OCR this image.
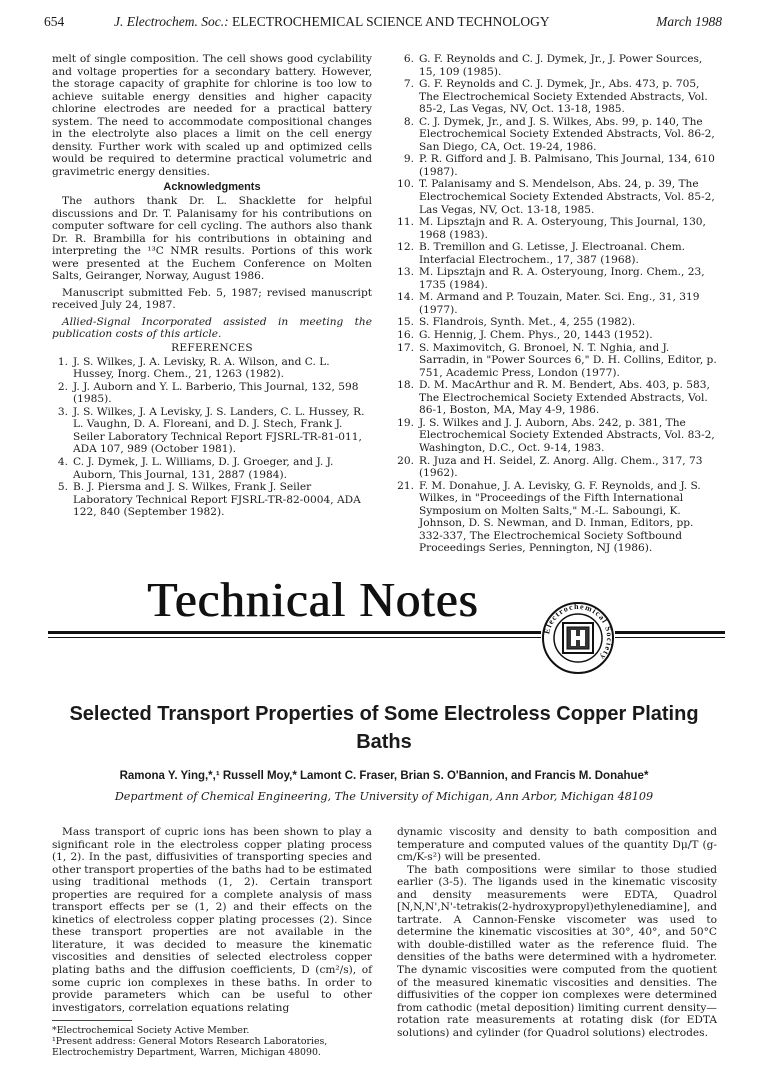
654	J. Electrochem. Soc.: ELECTROCHEMICAL SCIENCE AND TECHNOLOGY	March 1988

melt of single composition. The cell shows good cyclability and voltage properties for a secondary battery. However, the storage capacity of graphite for chlorine is too low to achieve suitable energy densities and higher capacity chlorine electrodes are needed for a practical battery system. The need to accommodate compositional changes in the electrolyte also places a limit on the cell energy density. Further work with scaled up and optimized cells would be required to determine practical volumetric and gravimetric energy densities.

Acknowledgments

The authors thank Dr. L. Shacklette for helpful discussions and Dr. T. Palanisamy for his contributions on computer software for cell cycling. The authors also thank Dr. R. Brambilla for his contributions in obtaining and interpreting the ¹³C NMR results. Portions of this work were presented at the Euchem Conference on Molten Salts, Geiranger, Norway, August 1986.

Manuscript submitted Feb. 5, 1987; revised manuscript received July 24, 1987.

Allied-Signal Incorporated assisted in meeting the publication costs of this article.

REFERENCES
1. J. S. Wilkes, J. A. Levisky, R. A. Wilson, and C. L. Hussey, Inorg. Chem., 21, 1263 (1982).
2. J. J. Auborn and Y. L. Barberio, This Journal, 132, 598 (1985).
3. J. S. Wilkes, J. A Levisky, J. S. Landers, C. L. Hussey, R. L. Vaughn, D. A. Floreani, and D. J. Stech, Frank J. Seiler Laboratory Technical Report FJSRL-TR-81-011, ADA 107, 989 (October 1981).
4. C. J. Dymek, J. L. Williams, D. J. Groeger, and J. J. Auborn, This Journal, 131, 2887 (1984).
5. B. J. Piersma and J. S. Wilkes, Frank J. Seiler Laboratory Technical Report FJSRL-TR-82-0004, ADA 122, 840 (September 1982).
6. G. F. Reynolds and C. J. Dymek, Jr., J. Power Sources, 15, 109 (1985).
7. G. F. Reynolds and C. J. Dymek, Jr., Abs. 473, p. 705, The Electrochemical Society Extended Abstracts, Vol. 85-2, Las Vegas, NV, Oct. 13-18, 1985.
8. C. J. Dymek, Jr., and J. S. Wilkes, Abs. 99, p. 140, The Electrochemical Society Extended Abstracts, Vol. 86-2, San Diego, CA, Oct. 19-24, 1986.
9. P. R. Gifford and J. B. Palmisano, This Journal, 134, 610 (1987).
10. T. Palanisamy and S. Mendelson, Abs. 24, p. 39, The Electrochemical Society Extended Abstracts, Vol. 85-2, Las Vegas, NV, Oct. 13-18, 1985.
11. M. Lipsztajn and R. A. Osteryoung, This Journal, 130, 1968 (1983).
12. B. Tremillon and G. Letisse, J. Electroanal. Chem. Interfacial Electrochem., 17, 387 (1968).
13. M. Lipsztajn and R. A. Osteryoung, Inorg. Chem., 23, 1735 (1984).
14. M. Armand and P. Touzain, Mater. Sci. Eng., 31, 319 (1977).
15. S. Flandrois, Synth. Met., 4, 255 (1982).
16. G. Hennig, J. Chem. Phys., 20, 1443 (1952).
17. S. Maximovitch, G. Bronoel, N. T. Nghia, and J. Sarradin, in "Power Sources 6," D. H. Collins, Editor, p. 751, Academic Press, London (1977).
18. D. M. MacArthur and R. M. Bendert, Abs. 403, p. 583, The Electrochemical Society Extended Abstracts, Vol. 86-1, Boston, MA, May 4-9, 1986.
19. J. S. Wilkes and J. J. Auborn, Abs. 242, p. 381, The Electrochemical Society Extended Abstracts, Vol. 83-2, Washington, D.C., Oct. 9-14, 1983.
20. R. Juza and H. Seidel, Z. Anorg. Allg. Chem., 317, 73 (1962).
21. F. M. Donahue, J. A. Levisky, G. F. Reynolds, and J. S. Wilkes, in "Proceedings of the Fifth International Symposium on Molten Salts," M.-L. Saboungi, K. Johnson, D. S. Newman, and D. Inman, Editors, pp. 332-337, The Electrochemical Society Softbound Proceedings Series, Pennington, NJ (1986).
Technical Notes
Electrochemical Society
Selected Transport Properties of Some Electroless Copper Plating Baths
Ramona Y. Ying,*,¹ Russell Moy,* Lamont C. Fraser, Brian S. O'Bannion, and Francis M. Donahue*
Department of Chemical Engineering, The University of Michigan, Ann Arbor, Michigan 48109

Mass transport of cupric ions has been shown to play a significant role in the electroless copper plating process (1, 2). In the past, diffusivities of transporting species and other transport properties of the baths had to be estimated using traditional methods (1, 2). Certain transport properties are required for a complete analysis of mass transport effects per se (1, 2) and their effects on the kinetics of electroless copper plating processes (2). Since these transport properties are not available in the literature, it was decided to measure the kinematic viscosities and densities of selected electroless copper plating baths and the diffusion coefficients, D (cm²/s), of some cupric ion complexes in these baths. In order to provide parameters which can be useful to other investigators, correlation equations relating

dynamic viscosity and density to bath composition and temperature and computed values of the quantity Dμ/T (g-cm/K-s²) will be presented.

The bath compositions were similar to those studied earlier (3-5). The ligands used in the kinematic viscosity and density measurements were EDTA, Quadrol [N,N,N',N'-tetrakis(2-hydroxypropyl)ethylenediamine], and tartrate. A Cannon-Fenske viscometer was used to determine the kinematic viscosities at 30°, 40°, and 50°C with double-distilled water as the reference fluid. The densities of the baths were determined with a hydrometer. The dynamic viscosities were computed from the quotient of the measured kinematic viscosities and densities. The diffusivities of the copper ion complexes were determined from cathodic (metal deposition) limiting current density—rotation rate measurements at rotating disk (for EDTA solutions) and cylinder (for Quadrol solutions) electrodes.

*Electrochemical Society Active Member.
¹Present address: General Motors Research Laboratories, Electrochemistry Department, Warren, Michigan 48090.
